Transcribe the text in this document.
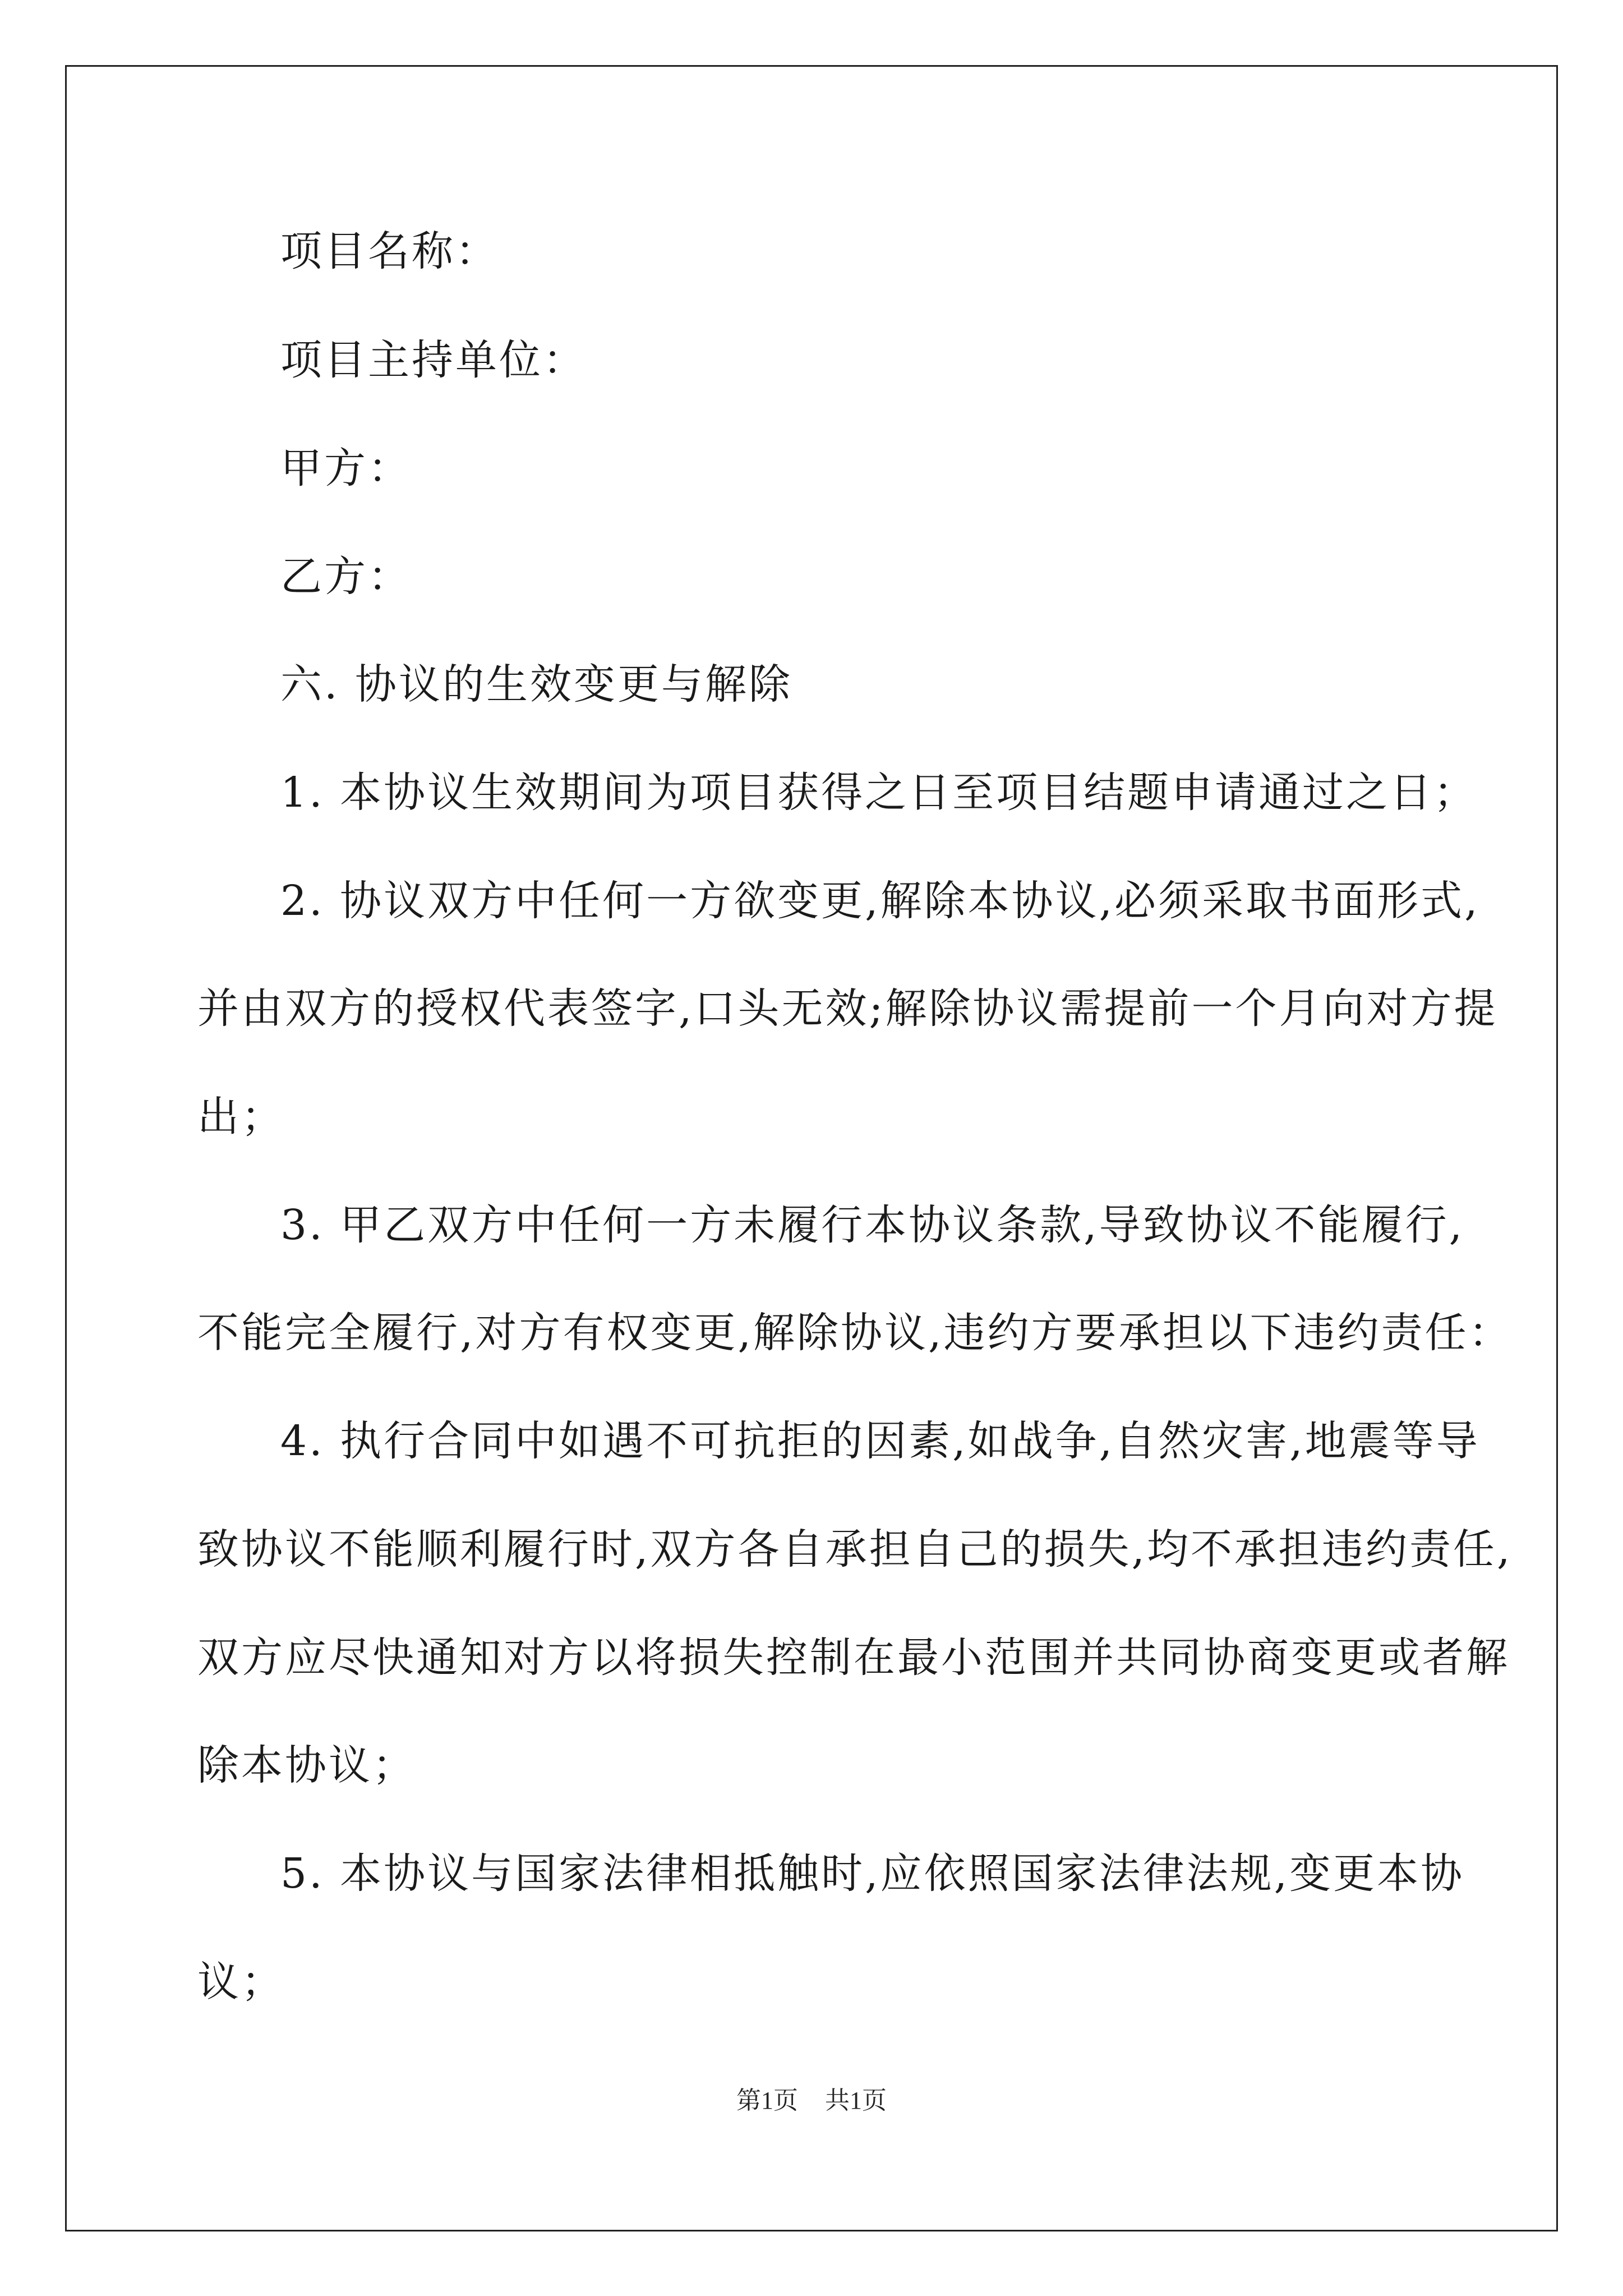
项目名称：
项目主持单位：
甲方：
乙方：
六. 协议的生效变更与解除
1. 本协议生效期间为项目获得之日至项目结题申请通过之日；
2. 协议双方中任何一方欲变更,解除本协议,必须采取书面形式,
并由双方的授权代表签字,口头无效;解除协议需提前一个月向对方提
出；
3. 甲乙双方中任何一方未履行本协议条款,导致协议不能履行,
不能完全履行,对方有权变更,解除协议,违约方要承担以下违约责任：
4. 执行合同中如遇不可抗拒的因素,如战争,自然灾害,地震等导
致协议不能顺利履行时,双方各自承担自己的损失,均不承担违约责任,
双方应尽快通知对方以将损失控制在最小范围并共同协商变更或者解
除本协议；
5. 本协议与国家法律相抵触时,应依照国家法律法规,变更本协
议；
第1页 共1页
